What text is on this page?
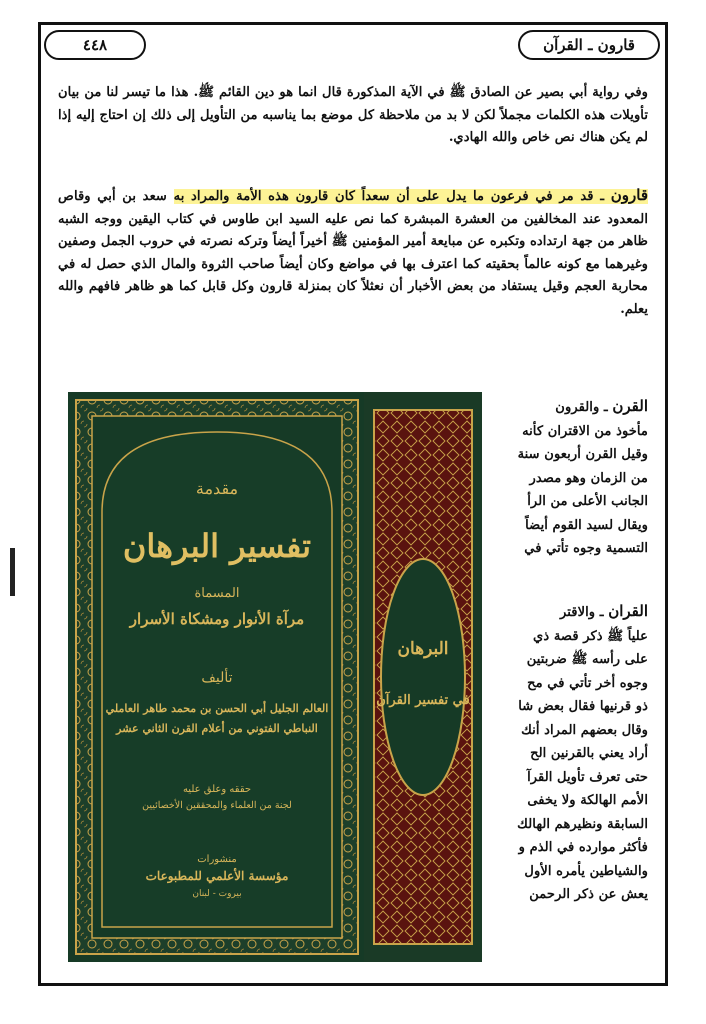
قارون ـ القرآن
٤٤٨
وفي رواية أبي بصير عن الصادق ﷺ في الآية المذكورة قال انما هو دين القائم ﷺ. هذا ما تيسر لنا من بيان تأويلات هذه الكلمات مجملاً لكن لا بد من ملاحظة كل موضع بما يناسبه من التأويل إلى ذلك إن احتاج إليه إذا لم يكن هناك نص خاص والله الهادي.
قارون ـ قد مر في فرعون ما يدل على أن سعداً كان قارون هذه الأمة والمراد به سعد بن أبي وقاص المعدود عند المخالفين من العشرة المبشرة كما نص عليه السيد ابن طاوس في كتاب اليقين ووجه الشبه ظاهر من جهة ارتداده وتكبره عن مبايعة أمير المؤمنين ﷺ أخيراً أيضاً وتركه نصرته في حروب الجمل وصفين وغيرهما مع كونه عالماً بحقيته كما اعترف بها في مواضع وكان أيضاً صاحب الثروة والمال الذي حصل له في محاربة العجم وقيل يستفاد من بعض الأخبار أن نعثلاً كان بمنزلة قارون وكل قابل كما هو ظاهر فافهم والله يعلم.
القرن ـ والقرون
مأخوذ من الاقتران كأنه
وقيل القرن أربعون سنة
من الزمان وهو مصدر
الجانب الأعلى من الرأ
ويقال لسيد القوم أيضاً
التسمية وجوه تأتي في
القران ـ والاقتر
علياً ﷺ ذكر قصة ذي
على رأسه ﷺ ضربتين
وجوه أخر تأتي في مح
ذو قرنيها فقال بعض شا
وقال بعضهم المراد أنك
أراد يعني بالقرنين الح
حتى تعرف تأويل القرآ
الأمم الهالكة ولا يخفى
السابقة ونظيرهم الهالك
فأكثر موارده في الذم و
والشياطين يأمره الأول
يعش عن ذكر الرحمن
البرهان
في تفسير القرآن
مقدمة
تفسير البرهان
المسماة
مرآة الأنوار ومشكاة الأسرار
تأليف
العالم الجليل أبي الحسن بن محمد طاهر العاملي
النباطي الفتوني من أعلام القرن الثاني عشر
حققه وعلق عليه
لجنة من العلماء والمحققين الأخصائيين
منشورات
مؤسسة الأعلمي للمطبوعات
بيروت - لبنان
